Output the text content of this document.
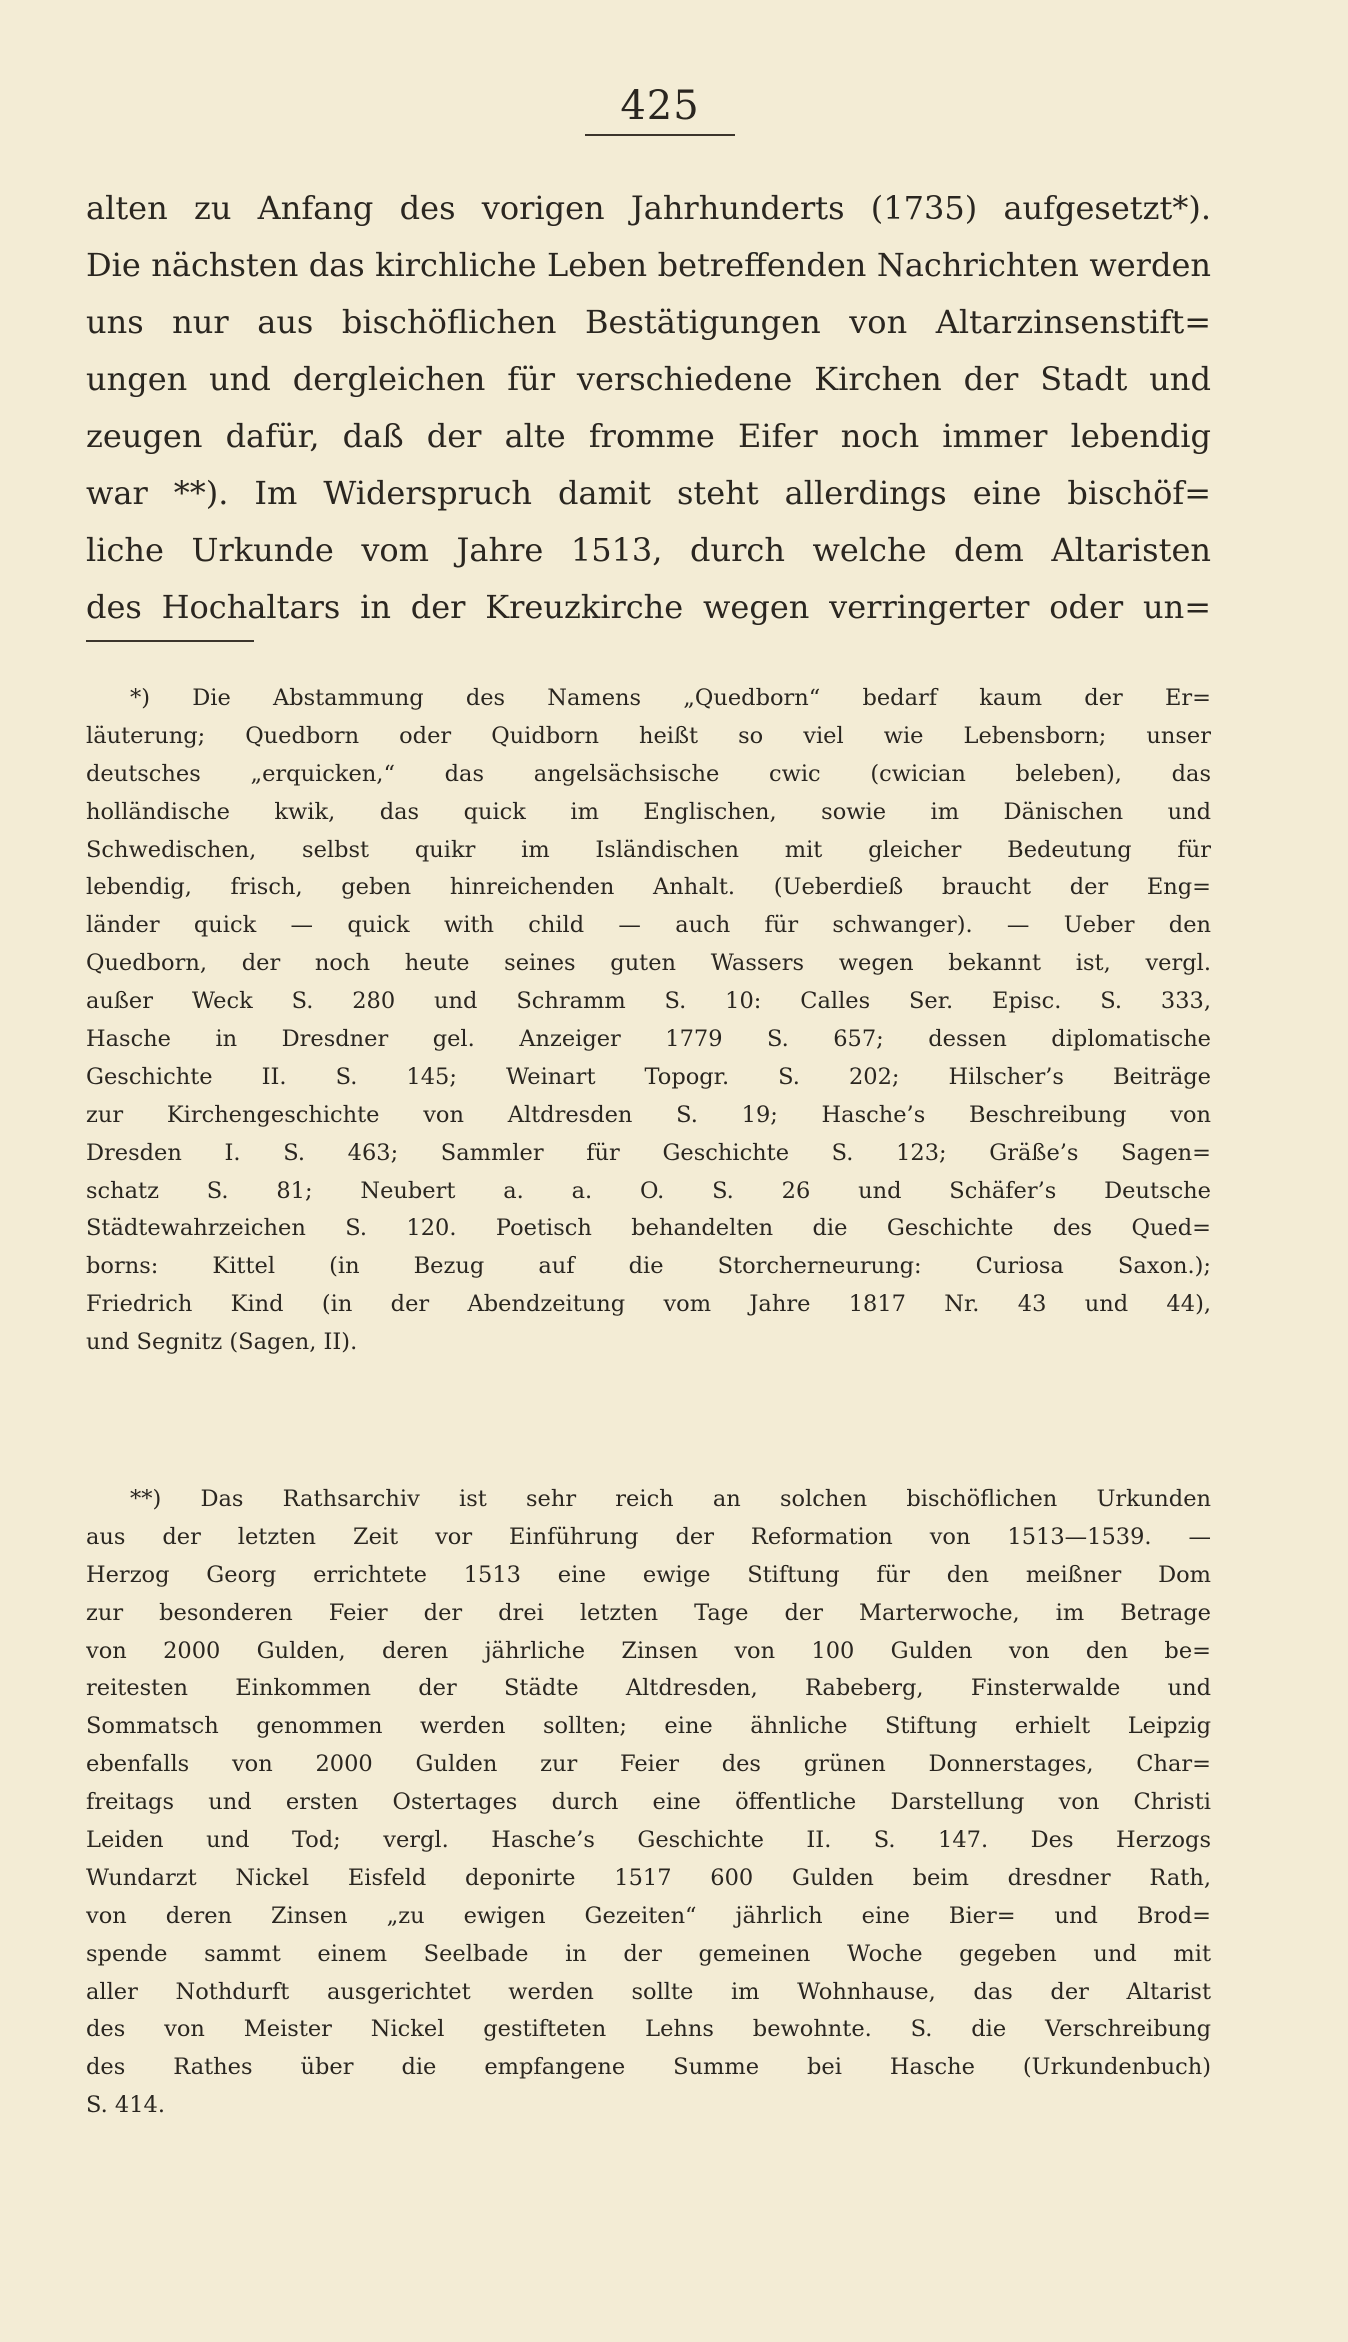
425
alten zu Anfang des vorigen Jahrhunderts (1735) aufgesetzt*).
Die nächsten das kirchliche Leben betreffenden Nachrichten werden
uns nur aus bischöflichen Bestätigungen von Altarzinsenstift=
ungen und dergleichen für verschiedene Kirchen der Stadt und
zeugen dafür, daß der alte fromme Eifer noch immer lebendig
war **). Im Widerspruch damit steht allerdings eine bischöf=
liche Urkunde vom Jahre 1513, durch welche dem Altaristen
des Hochaltars in der Kreuzkirche wegen verringerter oder un=
*) Die Abstammung des Namens „Quedborn“ bedarf kaum der Er=
läuterung; Quedborn oder Quidborn heißt so viel wie Lebensborn; unser
deutsches „erquicken,“ das angelsächsische cwic (cwician beleben), das
holländische kwik, das quick im Englischen, sowie im Dänischen und
Schwedischen, selbst quikr im Isländischen mit gleicher Bedeutung für
lebendig, frisch, geben hinreichenden Anhalt. (Ueberdieß braucht der Eng=
länder quick — quick with child — auch für schwanger). — Ueber den
Quedborn, der noch heute seines guten Wassers wegen bekannt ist, vergl.
außer Weck S. 280 und Schramm S. 10: Calles Ser. Episc. S. 333,
Hasche in Dresdner gel. Anzeiger 1779 S. 657; dessen diplomatische
Geschichte II. S. 145; Weinart Topogr. S. 202; Hilscher’s Beiträge
zur Kirchengeschichte von Altdresden S. 19; Hasche’s Beschreibung von
Dresden I. S. 463; Sammler für Geschichte S. 123; Gräße’s Sagen=
schatz S. 81; Neubert a. a. O. S. 26 und Schäfer’s Deutsche
Städtewahrzeichen S. 120. Poetisch behandelten die Geschichte des Qued=
borns: Kittel (in Bezug auf die Storcherneurung: Curiosa Saxon.);
Friedrich Kind (in der Abendzeitung vom Jahre 1817 Nr. 43 und 44),
und Segnitz (Sagen, II).
**) Das Rathsarchiv ist sehr reich an solchen bischöflichen Urkunden
aus der letzten Zeit vor Einführung der Reformation von 1513—1539. —
Herzog Georg errichtete 1513 eine ewige Stiftung für den meißner Dom
zur besonderen Feier der drei letzten Tage der Marterwoche, im Betrage
von 2000 Gulden, deren jährliche Zinsen von 100 Gulden von den be=
reitesten Einkommen der Städte Altdresden, Rabeberg, Finsterwalde und
Sommatsch genommen werden sollten; eine ähnliche Stiftung erhielt Leipzig
ebenfalls von 2000 Gulden zur Feier des grünen Donnerstages, Char=
freitags und ersten Ostertages durch eine öffentliche Darstellung von Christi
Leiden und Tod; vergl. Hasche’s Geschichte II. S. 147. Des Herzogs
Wundarzt Nickel Eisfeld deponirte 1517 600 Gulden beim dresdner Rath,
von deren Zinsen „zu ewigen Gezeiten“ jährlich eine Bier= und Brod=
spende sammt einem Seelbade in der gemeinen Woche gegeben und mit
aller Nothdurft ausgerichtet werden sollte im Wohnhause, das der Altarist
des von Meister Nickel gestifteten Lehns bewohnte. S. die Verschreibung
des Rathes über die empfangene Summe bei Hasche (Urkundenbuch)
S. 414.
